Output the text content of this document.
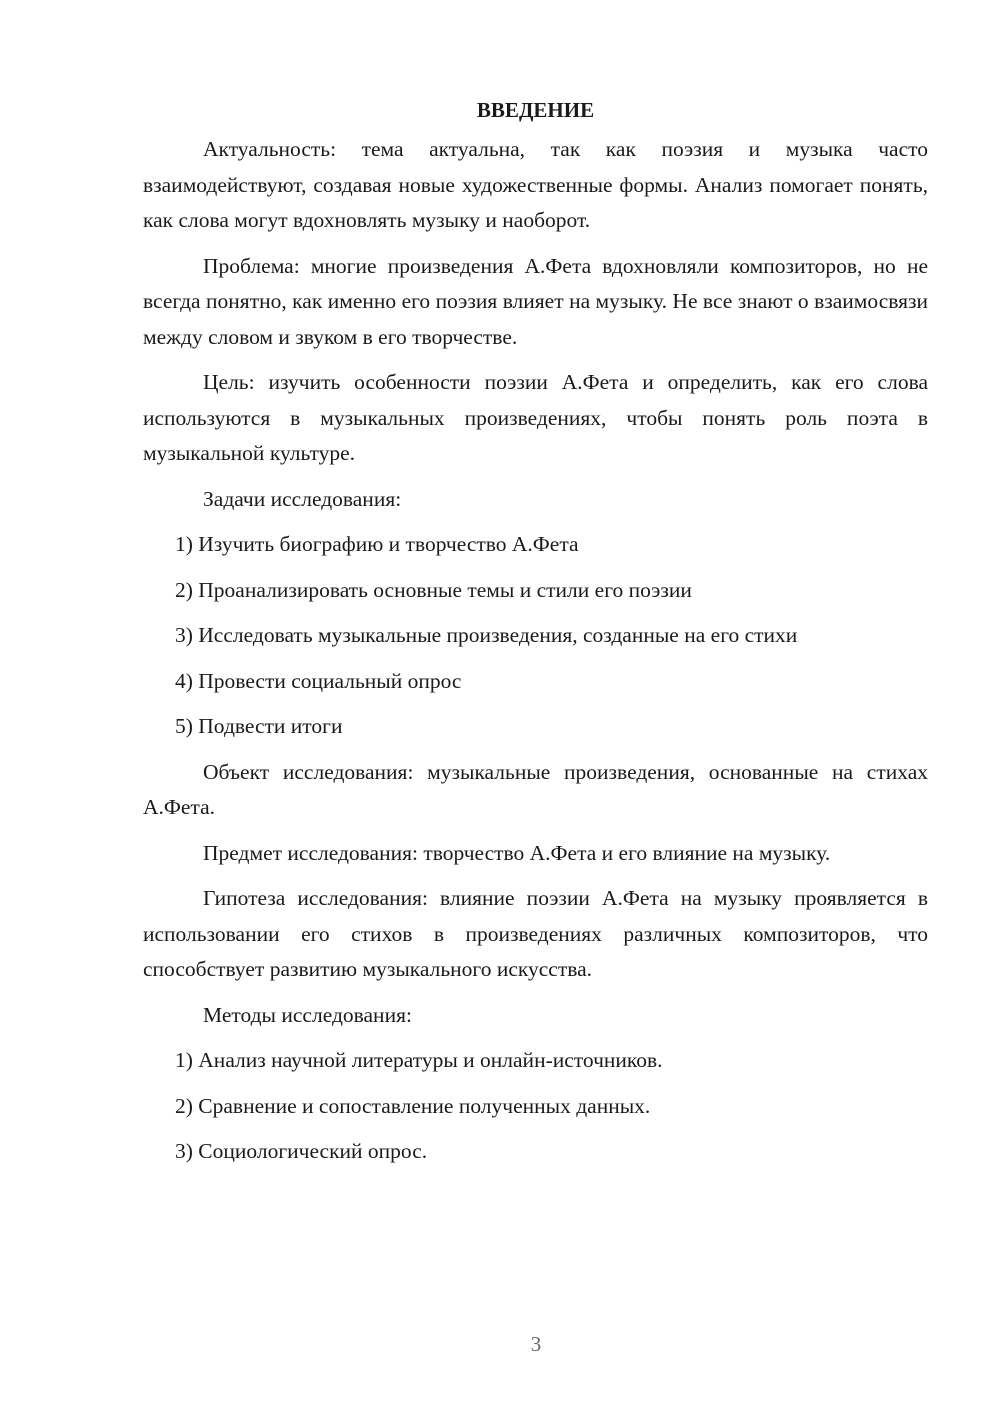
ВВЕДЕНИЕ

Актуальность: тема актуальна, так как поэзия и музыка часто взаимодействуют, создавая новые художественные формы. Анализ помогает понять, как слова могут вдохновлять музыку и наоборот.

Проблема: многие произведения А.Фета вдохновляли композиторов, но не всегда понятно, как именно его поэзия влияет на музыку. Не все знают о взаимосвязи между словом и звуком в его творчестве.

Цель: изучить особенности поэзии А.Фета и определить, как его слова используются в музыкальных произведениях, чтобы понять роль поэта в музыкальной культуре.

Задачи исследования:

1) Изучить биографию и творчество А.Фета
2) Проанализировать основные темы и стили его поэзии
3) Исследовать музыкальные произведения, созданные на его стихи
4) Провести социальный опрос
5) Подвести итоги

Объект исследования: музыкальные произведения, основанные на стихах А.Фета.

Предмет исследования: творчество А.Фета и его влияние на музыку.

Гипотеза исследования: влияние поэзии А.Фета на музыку проявляется в использовании его стихов в произведениях различных композиторов, что способствует развитию музыкального искусства.

Методы исследования:

1) Анализ научной литературы и онлайн-источников.
2) Сравнение и сопоставление полученных данных.
3) Социологический опрос.
3
